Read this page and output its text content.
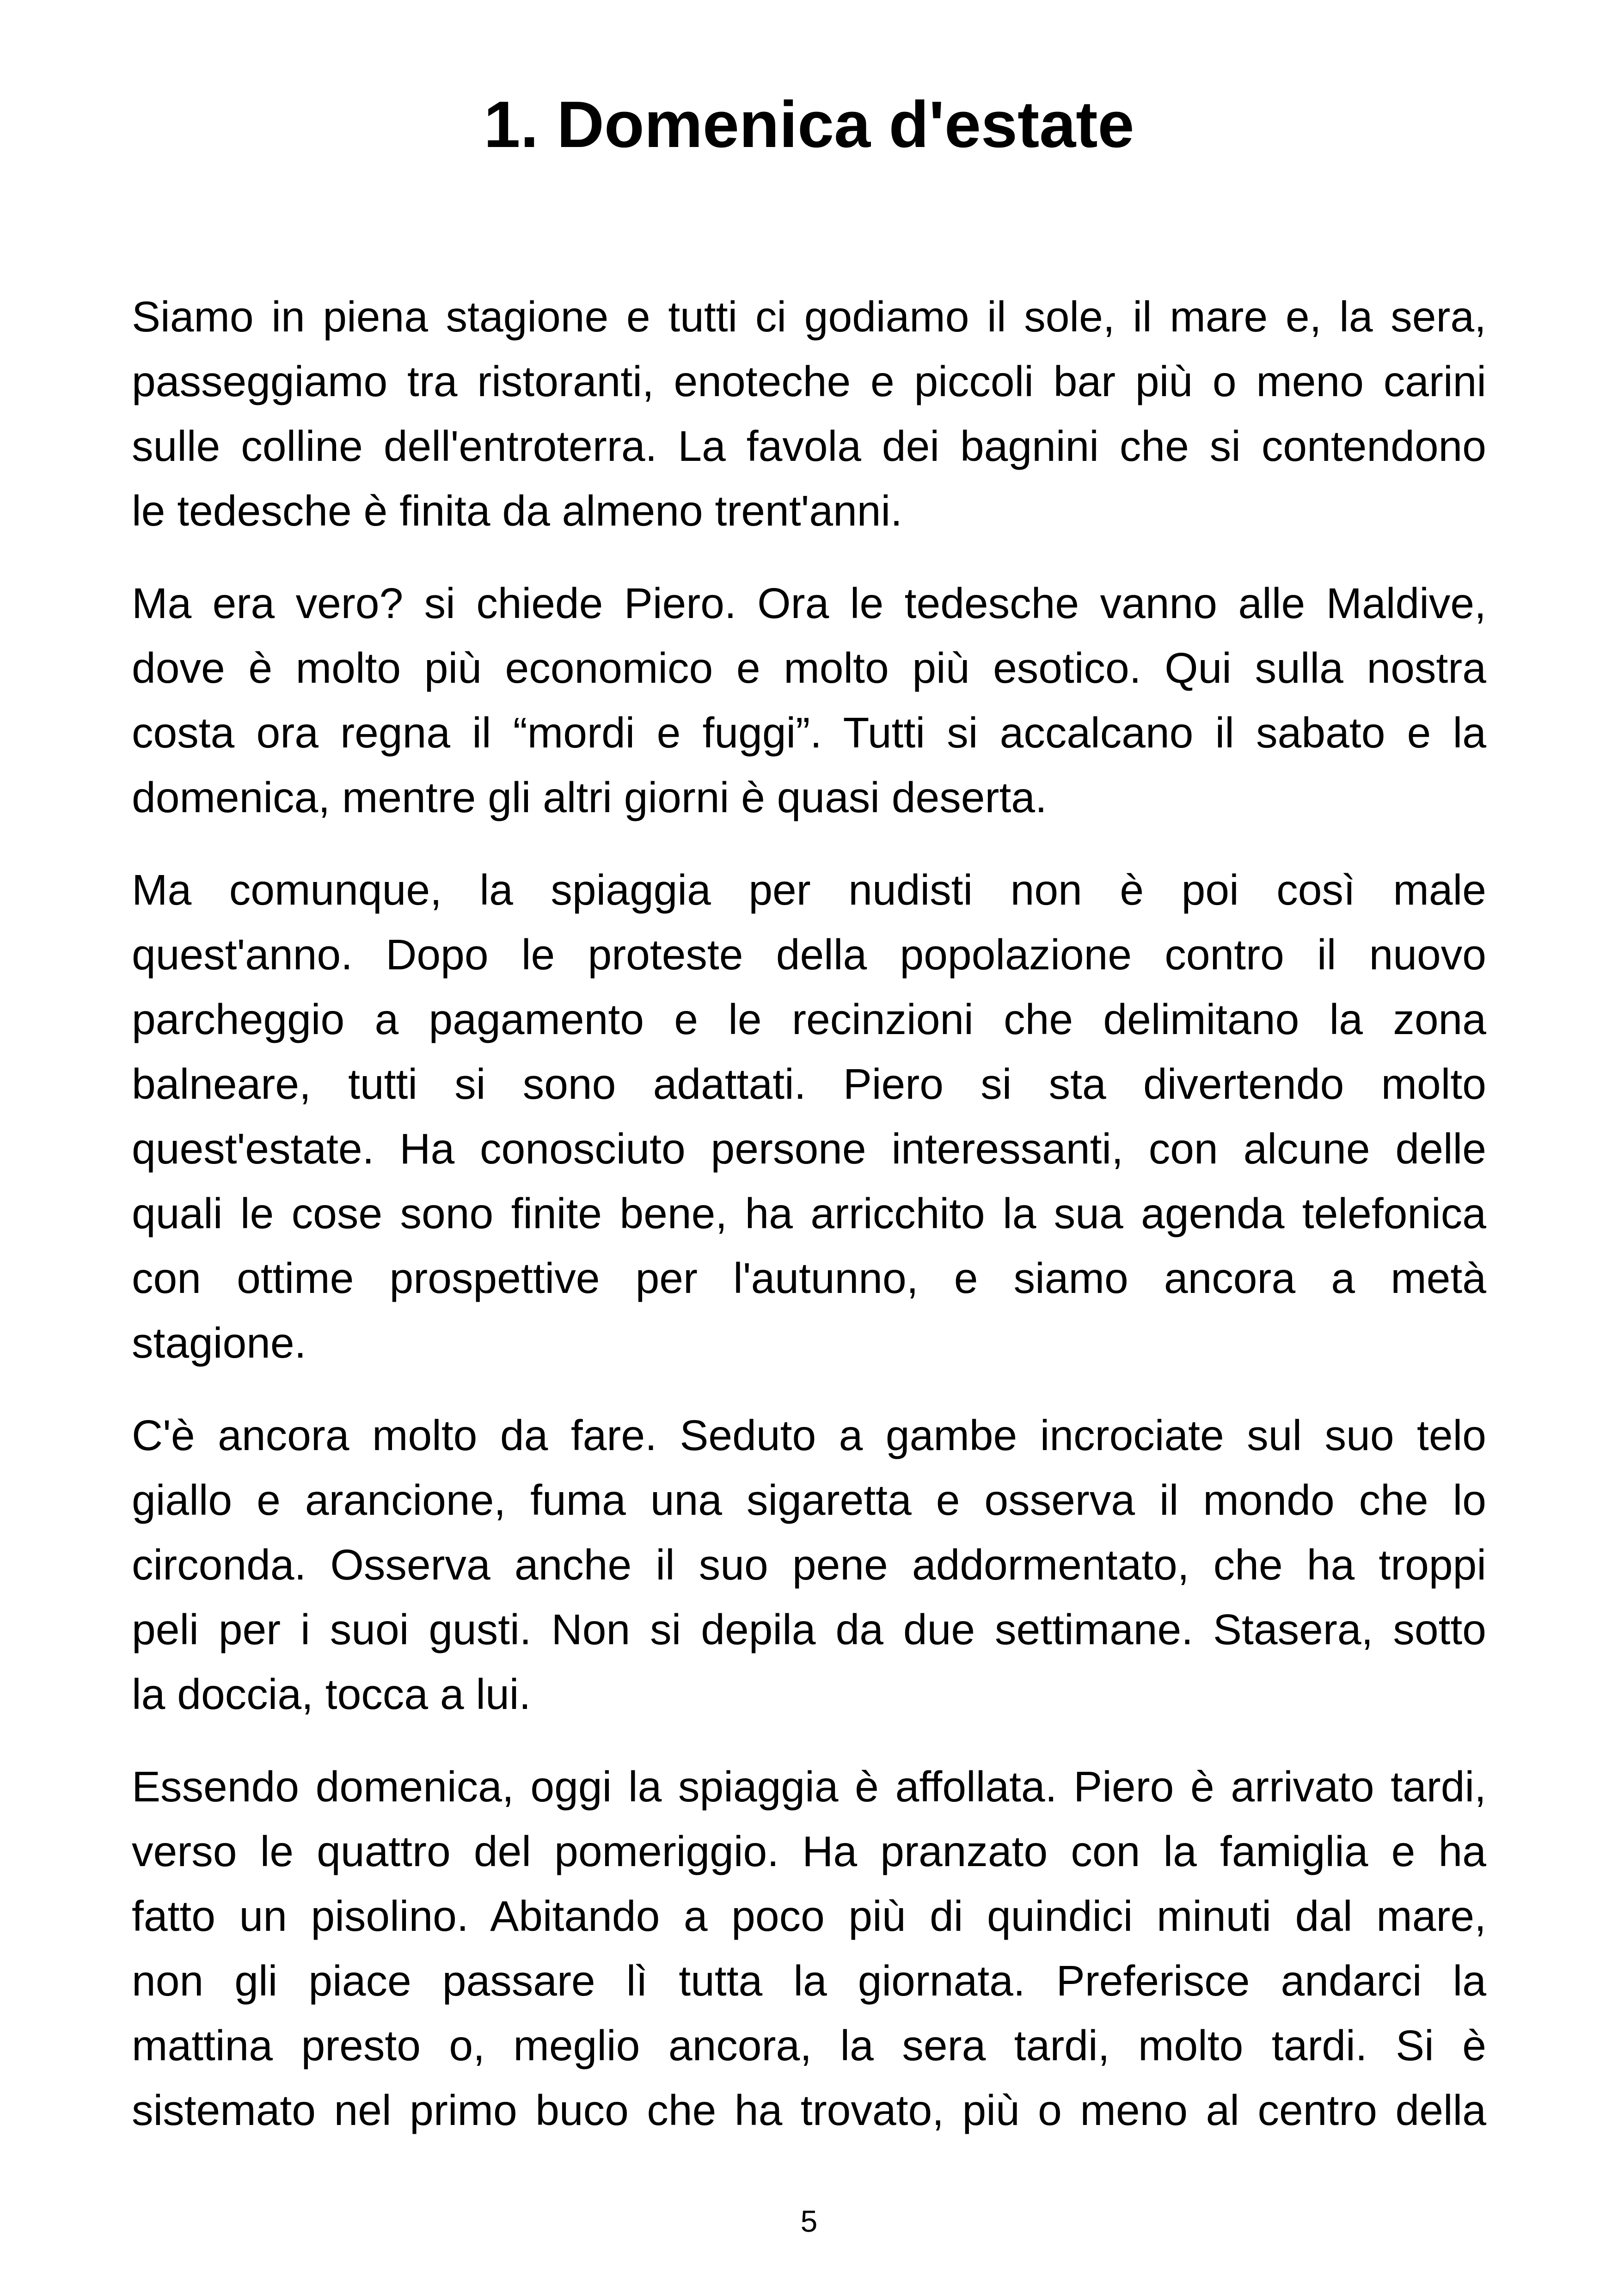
1. Domenica d'estate

Siamo in piena stagione e tutti ci godiamo il sole, il mare e, la sera,
passeggiamo tra ristoranti, enoteche e piccoli bar più o meno carini
sulle colline dell'entroterra. La favola dei bagnini che si contendono
le tedesche è finita da almeno trent'anni.

Ma era vero? si chiede Piero. Ora le tedesche vanno alle Maldive,
dove è molto più economico e molto più esotico. Qui sulla nostra
costa ora regna il “mordi e fuggi”. Tutti si accalcano il sabato e la
domenica, mentre gli altri giorni è quasi deserta.

Ma comunque, la spiaggia per nudisti non è poi così male
quest'anno. Dopo le proteste della popolazione contro il nuovo
parcheggio a pagamento e le recinzioni che delimitano la zona
balneare, tutti si sono adattati. Piero si sta divertendo molto
quest'estate. Ha conosciuto persone interessanti, con alcune delle
quali le cose sono finite bene, ha arricchito la sua agenda telefonica
con ottime prospettive per l'autunno, e siamo ancora a metà
stagione.

C'è ancora molto da fare. Seduto a gambe incrociate sul suo telo
giallo e arancione, fuma una sigaretta e osserva il mondo che lo
circonda. Osserva anche il suo pene addormentato, che ha troppi
peli per i suoi gusti. Non si depila da due settimane. Stasera, sotto
la doccia, tocca a lui.

Essendo domenica, oggi la spiaggia è affollata. Piero è arrivato tardi,
verso le quattro del pomeriggio. Ha pranzato con la famiglia e ha
fatto un pisolino. Abitando a poco più di quindici minuti dal mare,
non gli piace passare lì tutta la giornata. Preferisce andarci la
mattina presto o, meglio ancora, la sera tardi, molto tardi. Si è
sistemato nel primo buco che ha trovato, più o meno al centro della

5
